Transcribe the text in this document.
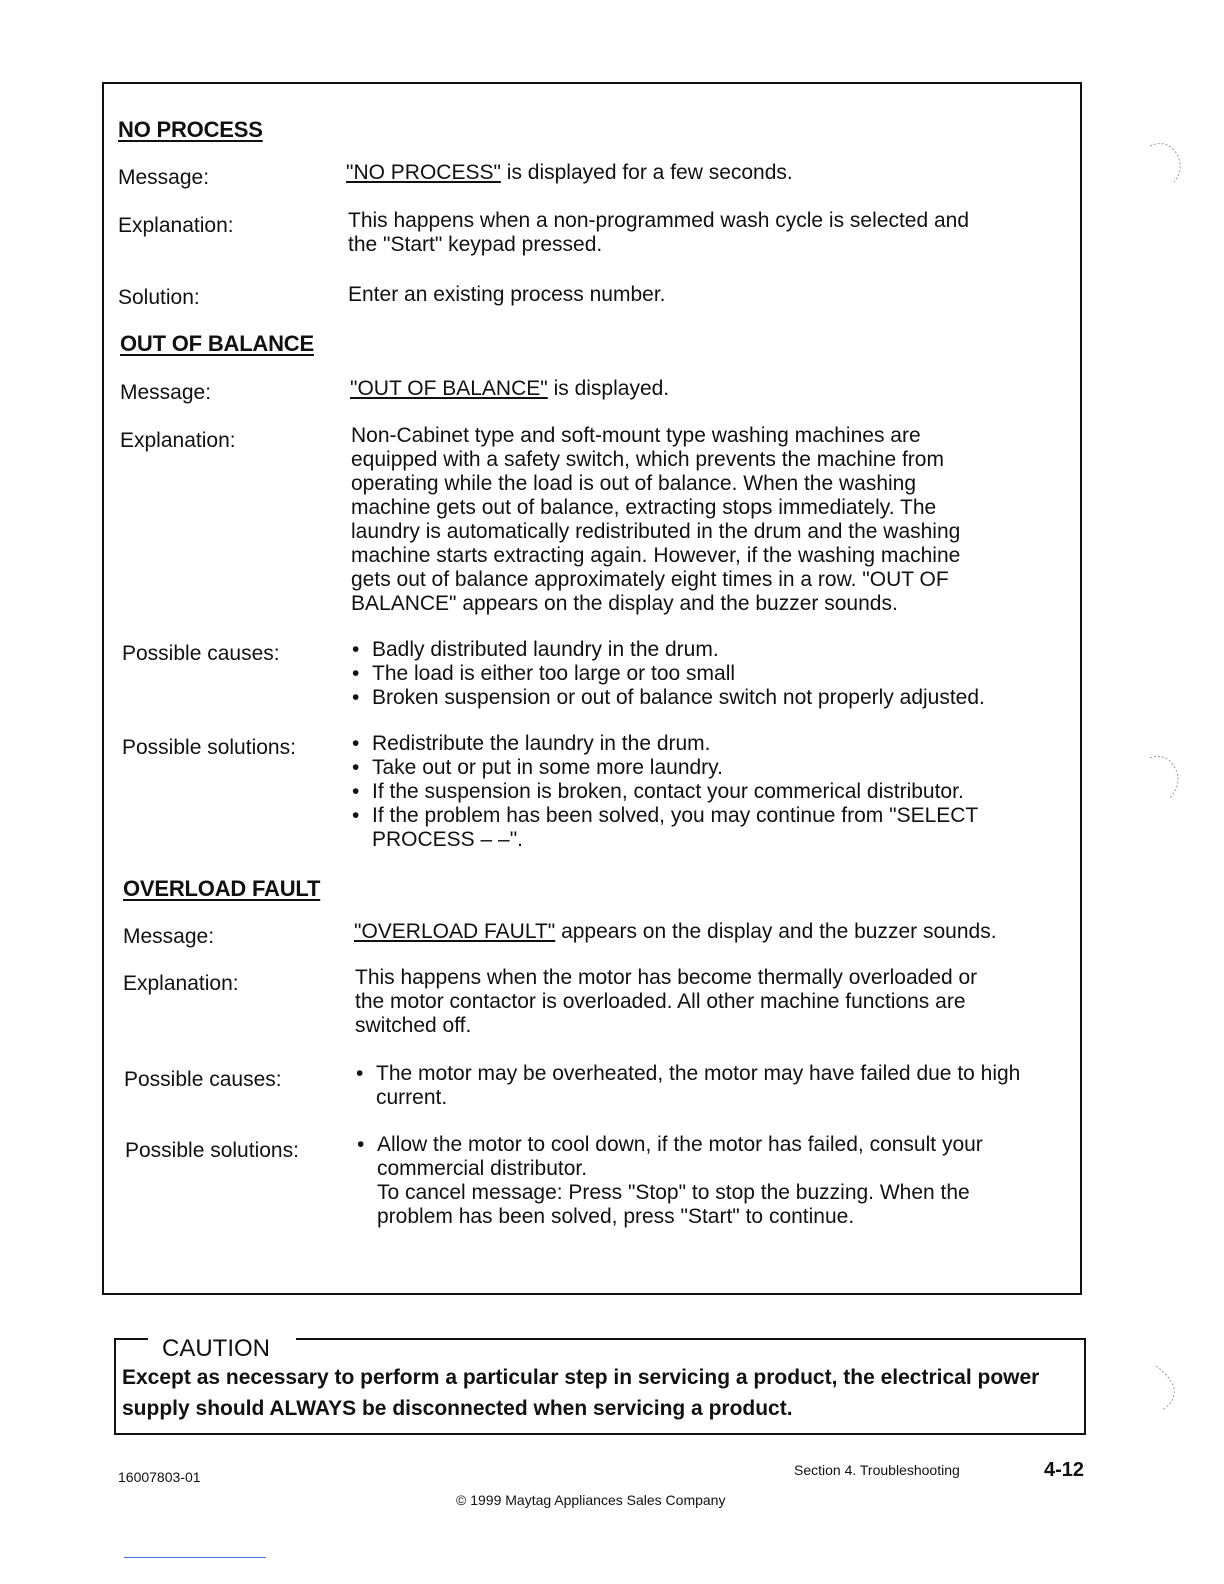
NO PROCESS
Message:	"NO PROCESS" is displayed for a few seconds.
Explanation:	This happens when a non-programmed wash cycle is selected and

the "Start" keypad pressed.

Solution:	Enter an existing process number.
OUT OF BALANCE
Message:	"OUT OF BALANCE" is displayed.
Explanation:	Non-Cabinet type and soft-mount type washing machines are

equipped with a safety switch, which prevents the machine from

operating while the load is out of balance. When the washing

machine gets out of balance, extracting stops immediately. The

laundry is automatically redistributed in the drum and the washing

machine starts extracting again. However, if the washing machine

gets out of balance approximately eight times in a row. "OUT OF

BALANCE" appears on the display and the buzzer sounds.

Possible causes:	• Badly distributed laundry in the drum.
• The load is either too large or too small
• Broken suspension or out of balance switch not properly adjusted.
Possible solutions:	• Redistribute the laundry in the drum.
• Take out or put in some more laundry.
• If the suspension is broken, contact your commerical distributor.
• If the problem has been solved, you may continue from "SELECT PROCESS – –".
OVERLOAD FAULT
Message:	"OVERLOAD FAULT" appears on the display and the buzzer sounds.
Explanation:	This happens when the motor has become thermally overloaded or

the motor contactor is overloaded. All other machine functions are

switched off.

Possible causes:	• The motor may be overheated, the motor may have failed due to high current.
Possible solutions:	• Allow the motor to cool down, if the motor has failed, consult your commercial distributor.

To cancel message: Press "Stop" to stop the buzzing. When the

problem has been solved, press "Start" to continue.

CAUTION
Except as necessary to perform a particular step in servicing a product, the electrical power supply should ALWAYS be disconnected when servicing a product.
16007803-01	Section 4. Troubleshooting	4-12
© 1999 Maytag Appliances Sales Company
